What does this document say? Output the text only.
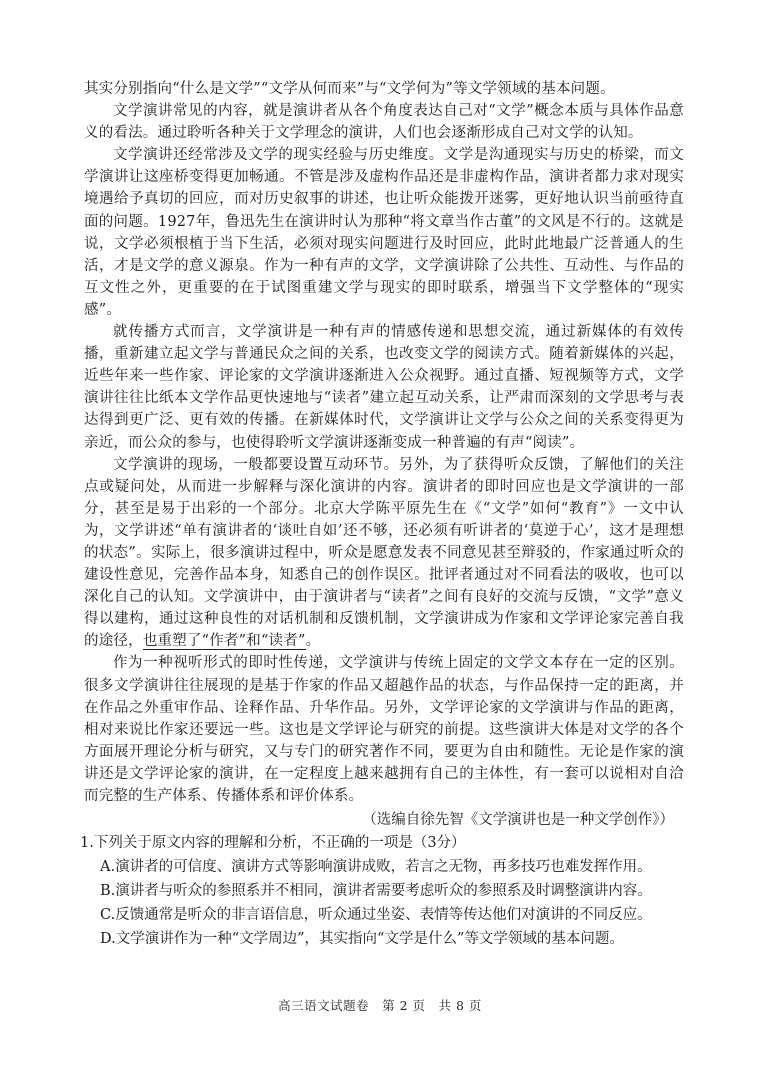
其实分别指向“什么是文学”“文学从何而来”与“文学何为”等文学领域的基本问题。

文学演讲常见的内容，就是演讲者从各个角度表达自己对“文学”概念本质与具体作品意义的看法。通过聆听各种关于文学理念的演讲，人们也会逐渐形成自己对文学的认知。

文学演讲还经常涉及文学的现实经验与历史维度。文学是沟通现实与历史的桥梁，而文学演讲让这座桥变得更加畅通。不管是涉及虚构作品还是非虚构作品，演讲者都力求对现实境遇给予真切的回应，而对历史叙事的讲述，也让听众能拨开迷雾，更好地认识当前亟待直面的问题。1927年，鲁迅先生在演讲时认为那种“将文章当作古董”的文风是不行的。这就是说，文学必须根植于当下生活，必须对现实问题进行及时回应，此时此地最广泛普通人的生活，才是文学的意义源泉。作为一种有声的文学，文学演讲除了公共性、互动性、与作品的互文性之外，更重要的在于试图重建文学与现实的即时联系，增强当下文学整体的“现实感”。

就传播方式而言，文学演讲是一种有声的情感传递和思想交流，通过新媒体的有效传播，重新建立起文学与普通民众之间的关系，也改变文学的阅读方式。随着新媒体的兴起，近些年来一些作家、评论家的文学演讲逐渐进入公众视野。通过直播、短视频等方式，文学演讲往往比纸本文学作品更快速地与“读者”建立起互动关系，让严肃而深刻的文学思考与表达得到更广泛、更有效的传播。在新媒体时代，文学演讲让文学与公众之间的关系变得更为亲近，而公众的参与，也使得聆听文学演讲逐渐变成一种普遍的有声“阅读”。

文学演讲的现场，一般都要设置互动环节。另外，为了获得听众反馈，了解他们的关注点或疑问处，从而进一步解释与深化演讲的内容。演讲者的即时回应也是文学演讲的一部分，甚至是易于出彩的一个部分。北京大学陈平原先生在《“文学”如何“教育”》一文中认为，文学讲述“单有演讲者的‘谈吐自如’还不够，还必须有听讲者的‘莫逆于心’，这才是理想的状态”。实际上，很多演讲过程中，听众是愿意发表不同意见甚至辩驳的，作家通过听众的建设性意见，完善作品本身，知悉自己的创作误区。批评者通过对不同看法的吸收，也可以深化自己的认知。文学演讲中，由于演讲者与“读者”之间有良好的交流与反馈，“文学”意义得以建构，通过这种良性的对话机制和反馈机制，文学演讲成为作家和文学评论家完善自我的途径，也重塑了“作者”和“读者”。

作为一种视听形式的即时性传递，文学演讲与传统上固定的文学文本存在一定的区别。很多文学演讲往往展现的是基于作家的作品又超越作品的状态，与作品保持一定的距离，并在作品之外重审作品、诠释作品、升华作品。另外，文学评论家的文学演讲与作品的距离，相对来说比作家还要远一些。这也是文学评论与研究的前提。这些演讲大体是对文学的各个方面展开理论分析与研究，又与专门的研究著作不同，要更为自由和随性。无论是作家的演讲还是文学评论家的演讲，在一定程度上越来越拥有自己的主体性，有一套可以说相对自洽而完整的生产体系、传播体系和评价体系。

（选编自徐先智《文学演讲也是一种文学创作》）

1.下列关于原文内容的理解和分析，不正确的一项是（3分）
A.演讲者的可信度、演讲方式等影响演讲成败，若言之无物，再多技巧也难发挥作用。
B.演讲者与听众的参照系并不相同，演讲者需要考虑听众的参照系及时调整演讲内容。
C.反馈通常是听众的非言语信息，听众通过坐姿、表情等传达他们对演讲的不同反应。
D.文学演讲作为一种“文学周边”，其实指向“文学是什么”等文学领域的基本问题。
高三语文试题卷　第 2 页　共 8 页
